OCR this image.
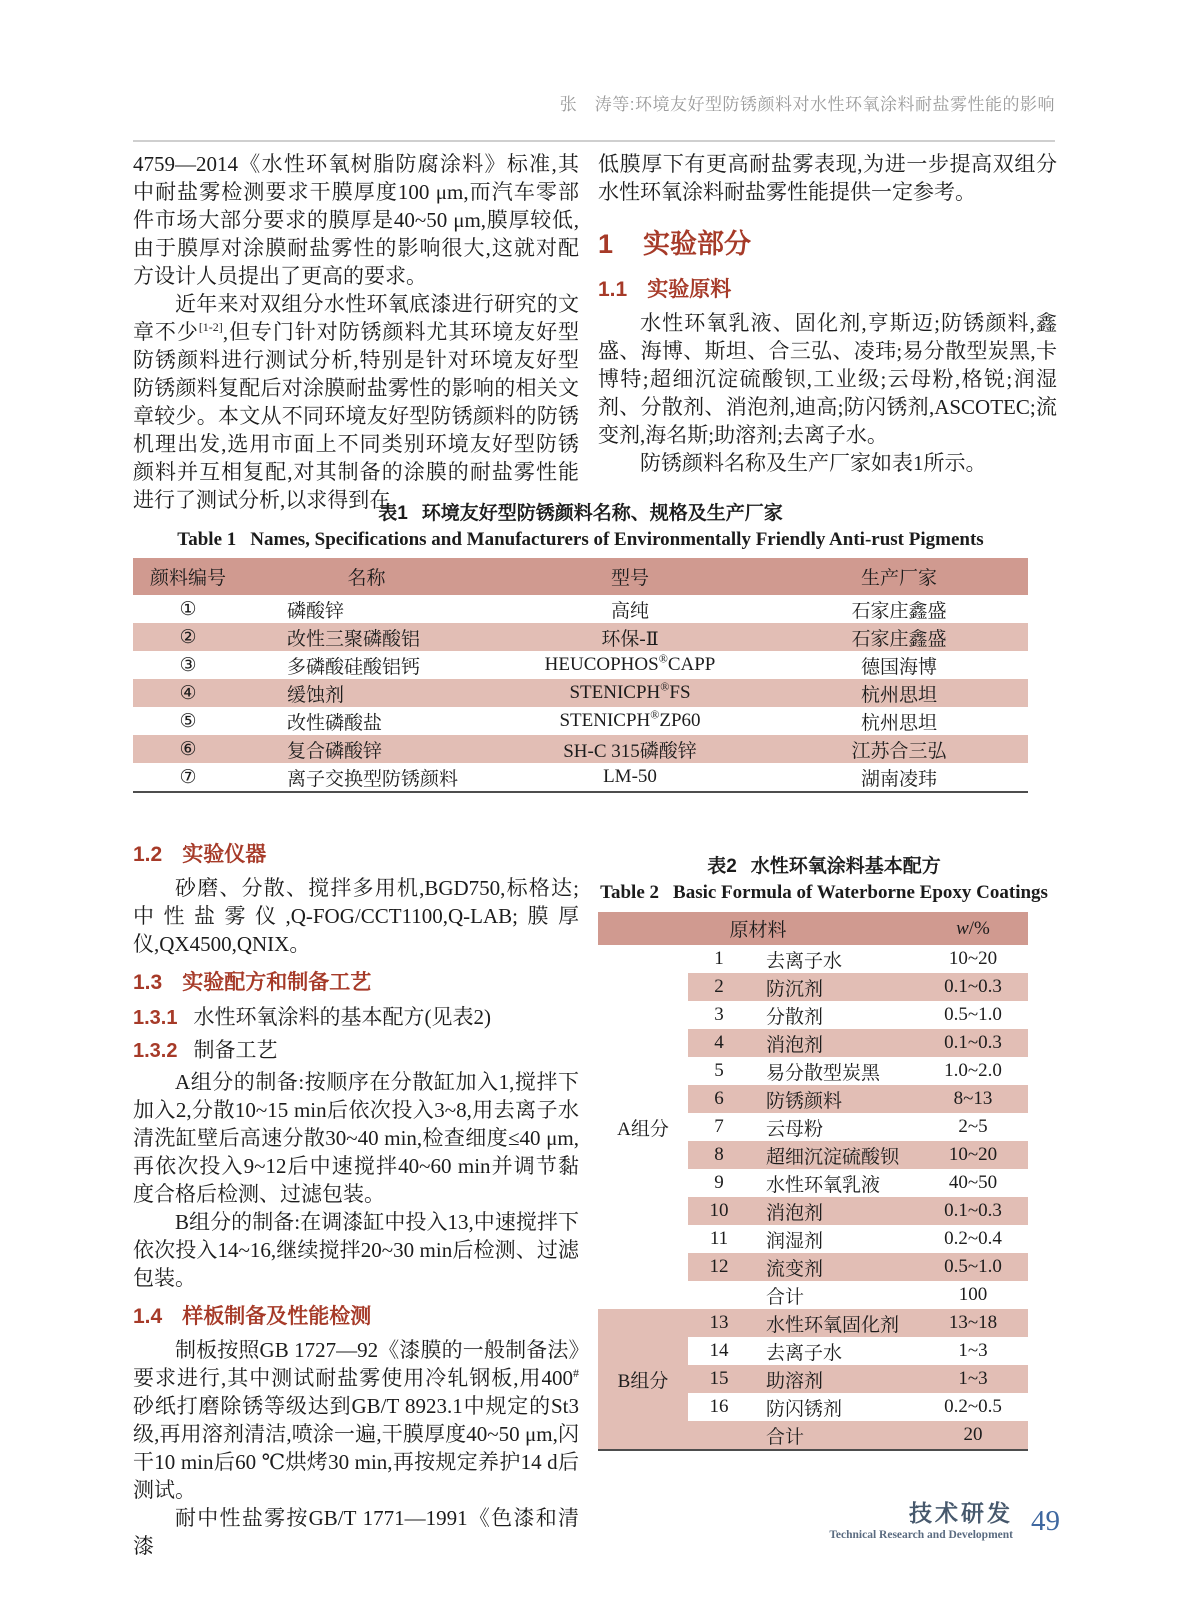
张　涛等:环境友好型防锈颜料对水性环氧涂料耐盐雾性能的影响

4759—2014《水性环氧树脂防腐涂料》标准,其中耐盐雾检测要求干膜厚度100 μm,而汽车零部件市场大部分要求的膜厚是40~50 μm,膜厚较低,由于膜厚对涂膜耐盐雾性的影响很大,这就对配方设计人员提出了更高的要求。

近年来对双组分水性环氧底漆进行研究的文章不少[1-2],但专门针对防锈颜料尤其环境友好型防锈颜料进行测试分析,特别是针对环境友好型防锈颜料复配后对涂膜耐盐雾性的影响的相关文章较少。本文从不同环境友好型防锈颜料的防锈机理出发,选用市面上不同类别环境友好型防锈颜料并互相复配,对其制备的涂膜的耐盐雾性能进行了测试分析,以求得到在

低膜厚下有更高耐盐雾表现,为进一步提高双组分水性环氧涂料耐盐雾性能提供一定参考。

1 实验部分
1.1 实验原料

水性环氧乳液、固化剂,亨斯迈;防锈颜料,鑫盛、海博、斯坦、合三弘、凌玮;易分散型炭黑,卡博特;超细沉淀硫酸钡,工业级;云母粉,格锐;润湿剂、分散剂、消泡剂,迪高;防闪锈剂,ASCOTEC;流变剂,海名斯;助溶剂;去离子水。

防锈颜料名称及生产厂家如表1所示。

表1 环境友好型防锈颜料名称、规格及生产厂家
Table 1 Names, Specifications and Manufacturers of Environmentally Friendly Anti-rust Pigments
颜料编号	名称	型号	生产厂家
①	磷酸锌	高纯	石家庄鑫盛
②	改性三聚磷酸铝	环保-Ⅱ	石家庄鑫盛
③	多磷酸硅酸铝钙	HEUCOPHOS®CAPP	德国海博
④	缓蚀剂	STENICPH®FS	杭州思坦
⑤	改性磷酸盐	STENICPH®ZP60	杭州思坦
⑥	复合磷酸锌	SH-C 315磷酸锌	江苏合三弘
⑦	离子交换型防锈颜料	LM-50	湖南凌玮
1.2 实验仪器

砂磨、分散、搅拌多用机,BGD750,标格达;中性盐雾仪,Q-FOG/CCT1100,Q-LAB;膜厚仪,QX4500,QNIX。

1.3 实验配方和制备工艺
1.3.1 水性环氧涂料的基本配方(见表2)
1.3.2 制备工艺

A组分的制备:按顺序在分散缸加入1,搅拌下加入2,分散10~15 min后依次投入3~8,用去离子水清洗缸壁后高速分散30~40 min,检查细度≤40 μm,再依次投入9~12后中速搅拌40~60 min并调节黏度合格后检测、过滤包装。

B组分的制备:在调漆缸中投入13,中速搅拌下依次投入14~16,继续搅拌20~30 min后检测、过滤包装。

1.4 样板制备及性能检测

制板按照GB 1727—92《漆膜的一般制备法》要求进行,其中测试耐盐雾使用冷轧钢板,用400#砂纸打磨除锈等级达到GB/T 8923.1中规定的St3级,再用溶剂清洁,喷涂一遍,干膜厚度40~50 μm,闪干10 min后60 ℃烘烤30 min,再按规定养护14 d后测试。

耐中性盐雾按GB/T 1771—1991《色漆和清漆

表2 水性环氧涂料基本配方
Table 2 Basic Formula of Waterborne Epoxy Coatings
原材料	w/%
1	去离子水	10~20
2	防沉剂	0.1~0.3
3	分散剂	0.5~1.0
4	消泡剂	0.1~0.3
5	易分散型炭黑	1.0~2.0
6	防锈颜料	8~13
A组分	7	云母粉	2~5
8	超细沉淀硫酸钡	10~20
9	水性环氧乳液	40~50
10	消泡剂	0.1~0.3
11	润湿剂	0.2~0.4
12	流变剂	0.5~1.0
合计	100
13	水性环氧固化剂	13~18
14	去离子水	1~3
B组分	15	助溶剂	1~3
16	防闪锈剂	0.2~0.5
合计	20
技术研发
Technical Research and Development 49
